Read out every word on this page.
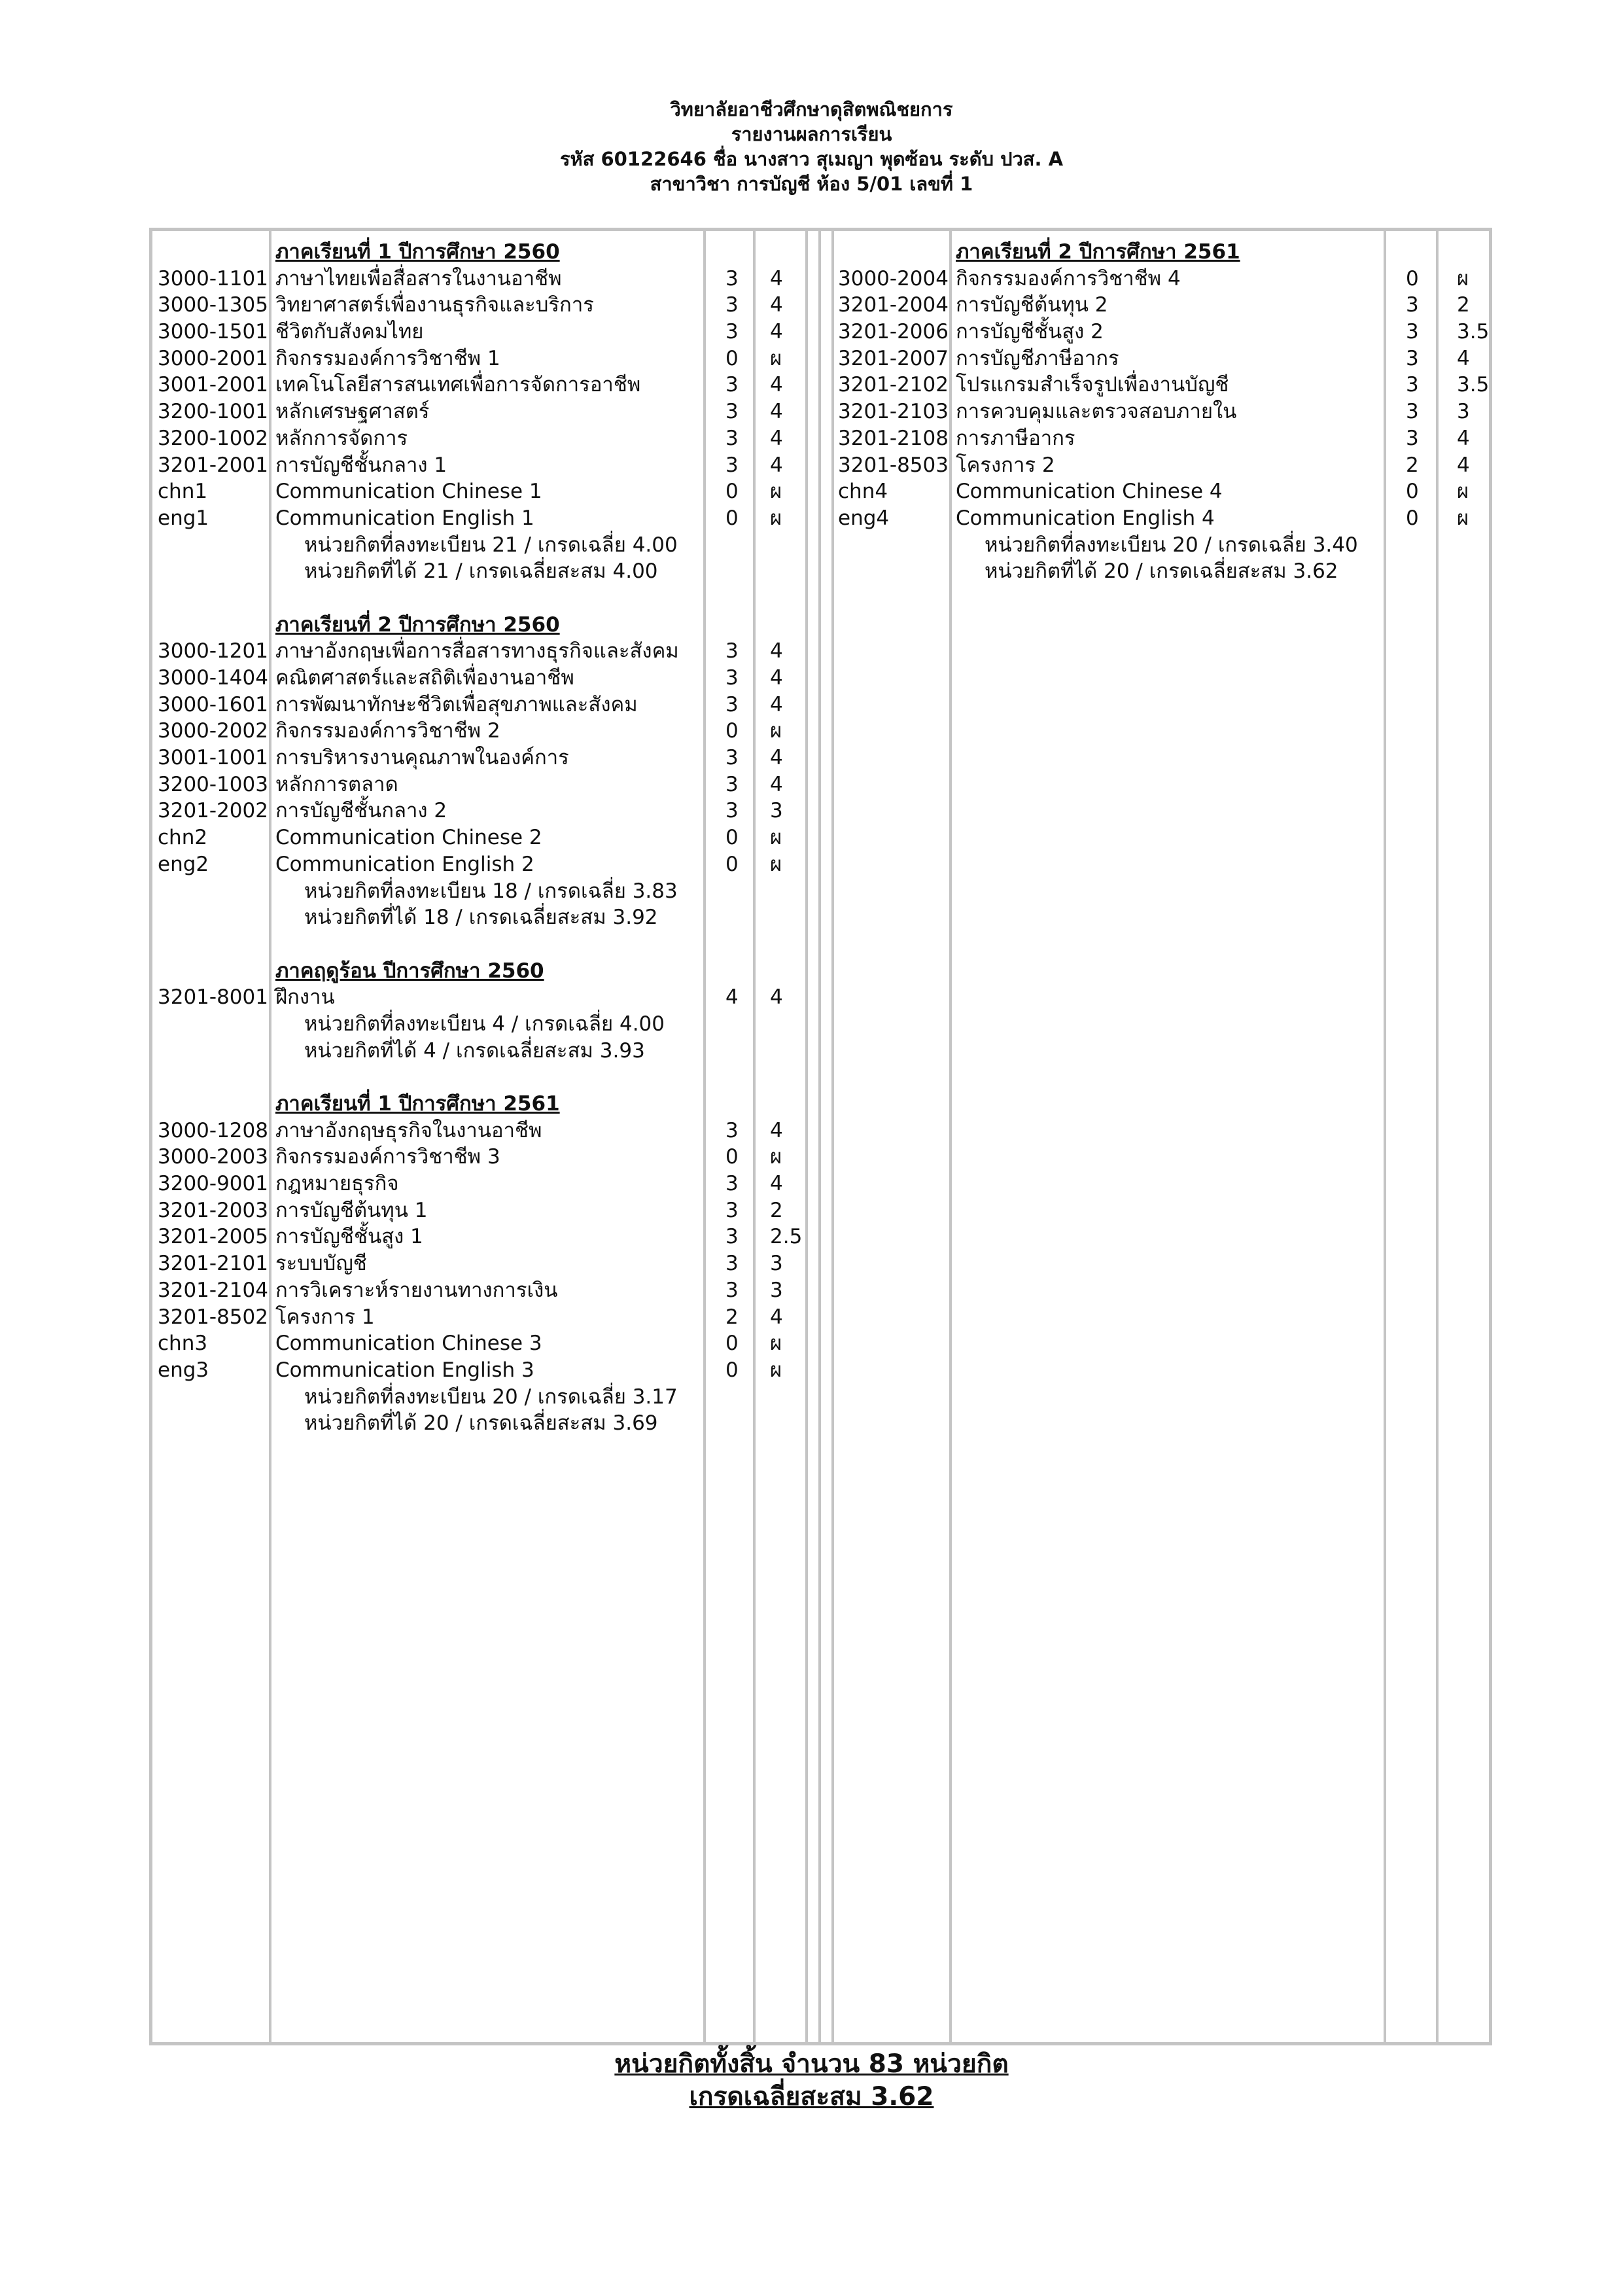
วิทยาลัยอาชีวศึกษาดุสิตพณิชยการ
รายงานผลการเรียน
รหัส 60122646 ชื่อ นางสาว สุเมญา พุดซ้อน ระดับ ปวส. A
สาขาวิชา การบัญชี ห้อง 5/01 เลขที่ 1
ภาคเรียนที่ 1 ปีการศึกษา 2560
3000-1101 ภาษาไทยเพื่อสื่อสารในงานอาชีพ	3 4
3000-1305 วิทยาศาสตร์เพื่องานธุรกิจและบริการ	3 4
3000-1501 ชีวิตกับสังคมไทย	3 4
3000-2001 กิจกรรมองค์การวิชาชีพ 1	0 ผ
3001-2001 เทคโนโลยีสารสนเทศเพื่อการจัดการอาชีพ	3 4
3200-1001 หลักเศรษฐศาสตร์	3 4
3200-1002 หลักการจัดการ	3 4
3201-2001 การบัญชีชั้นกลาง 1	3 4
chn1	Communication Chinese 1	0 ผ
eng1	Communication English 1	0 ผ
หน่วยกิตที่ลงทะเบียน 21 / เกรดเฉลี่ย 4.00
หน่วยกิตที่ได้ 21 / เกรดเฉลี่ยสะสม 4.00
ภาคเรียนที่ 2 ปีการศึกษา 2560
3000-1201 ภาษาอังกฤษเพื่อการสื่อสารทางธุรกิจและสังคม 3 4
3000-1404 คณิตศาสตร์และสถิติเพื่องานอาชีพ	3 4
3000-1601 การพัฒนาทักษะชีวิตเพื่อสุขภาพและสังคม	3 4
3000-2002 กิจกรรมองค์การวิชาชีพ 2	0 ผ
3001-1001 การบริหารงานคุณภาพในองค์การ	3 4
3200-1003 หลักการตลาด	3 4
3201-2002 การบัญชีชั้นกลาง 2	3 3
chn2	Communication Chinese 2	0 ผ
eng2	Communication English 2	0 ผ
หน่วยกิตที่ลงทะเบียน 18 / เกรดเฉลี่ย 3.83
หน่วยกิตที่ได้ 18 / เกรดเฉลี่ยสะสม 3.92
ภาคฤดูร้อน ปีการศึกษา 2560
3201-8001 ฝึกงาน	4 4
หน่วยกิตที่ลงทะเบียน 4 / เกรดเฉลี่ย 4.00
หน่วยกิตที่ได้ 4 / เกรดเฉลี่ยสะสม 3.93
ภาคเรียนที่ 1 ปีการศึกษา 2561
3000-1208 ภาษาอังกฤษธุรกิจในงานอาชีพ	3 4
3000-2003 กิจกรรมองค์การวิชาชีพ 3	0 ผ
3200-9001 กฎหมายธุรกิจ	3 4
3201-2003 การบัญชีต้นทุน 1	3 2
3201-2005 การบัญชีชั้นสูง 1	3 2.5
3201-2101 ระบบบัญชี	3 3
3201-2104 การวิเคราะห์รายงานทางการเงิน	3 3
3201-8502 โครงการ 1	2 4
chn3	Communication Chinese 3	0 ผ
eng3	Communication English 3	0 ผ
หน่วยกิตที่ลงทะเบียน 20 / เกรดเฉลี่ย 3.17
หน่วยกิตที่ได้ 20 / เกรดเฉลี่ยสะสม 3.69
ภาคเรียนที่ 2 ปีการศึกษา 2561
3000-2004 กิจกรรมองค์การวิชาชีพ 4	0 ผ
3201-2004 การบัญชีต้นทุน 2	3 2
3201-2006 การบัญชีชั้นสูง 2	3 3.5
3201-2007 การบัญชีภาษีอากร	3 4
3201-2102 โปรแกรมสำเร็จรูปเพื่องานบัญชี	3 3.5
3201-2103 การควบคุมและตรวจสอบภายใน	3 3
3201-2108 การภาษีอากร	3 4
3201-8503 โครงการ 2	2 4
chn4	Communication Chinese 4	0 ผ
eng4	Communication English 4	0 ผ
หน่วยกิตที่ลงทะเบียน 20 / เกรดเฉลี่ย 3.40
หน่วยกิตที่ได้ 20 / เกรดเฉลี่ยสะสม 3.62
หน่วยกิตทั้งสิ้น จำนวน 83 หน่วยกิต
เกรดเฉลี่ยสะสม 3.62
